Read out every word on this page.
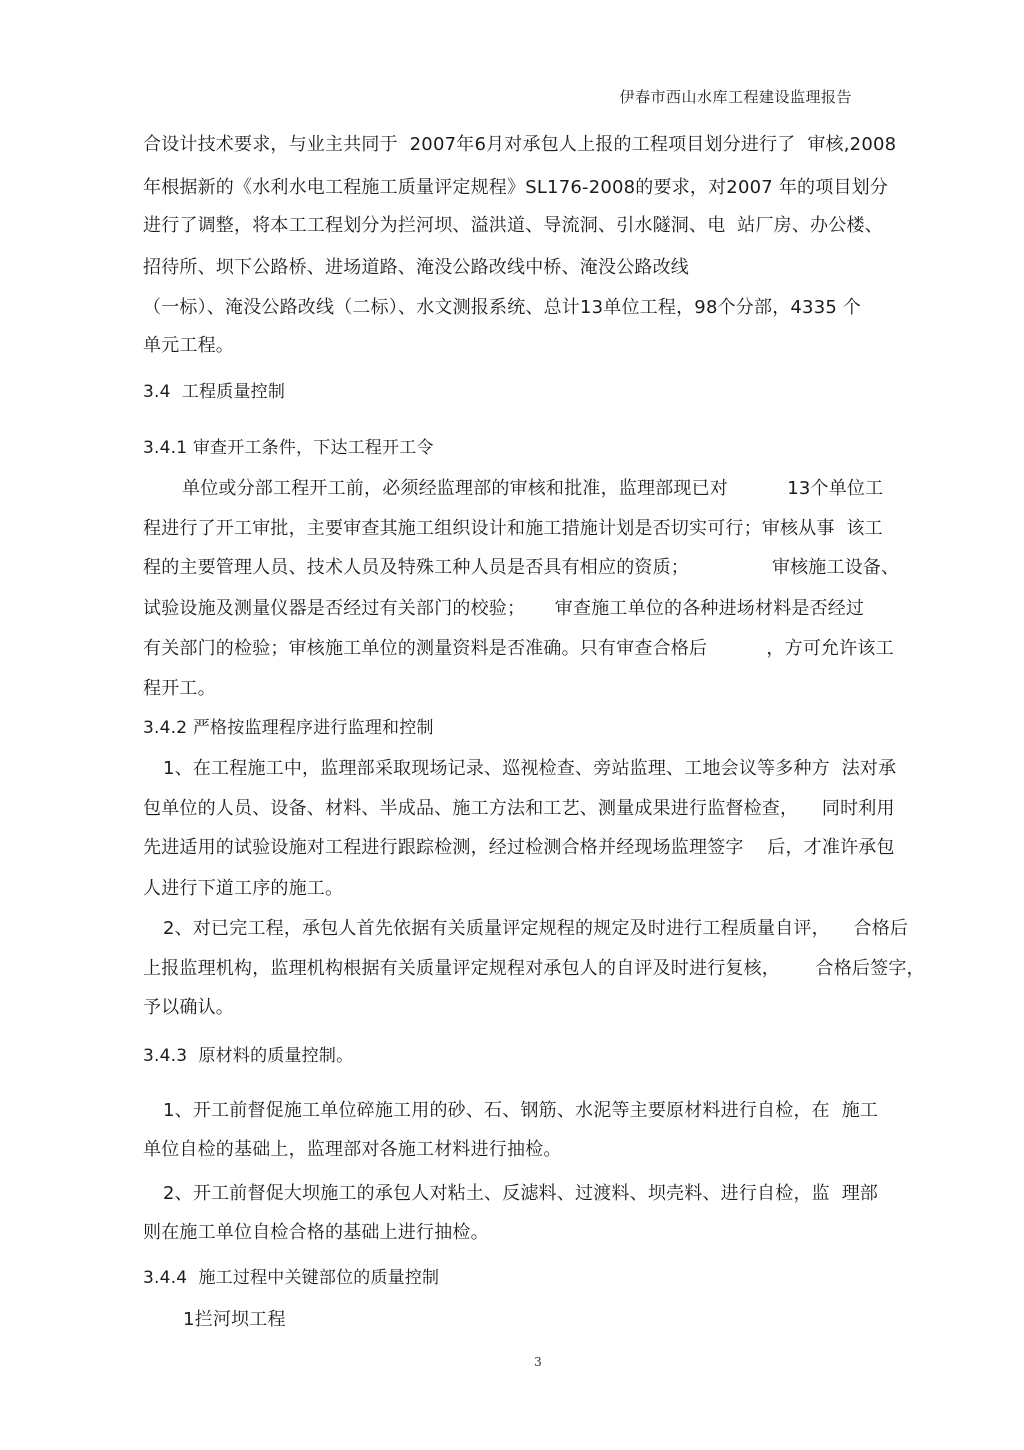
伊春市西山水库工程建设监理报告
合设计技术要求，与业主共同于  2007年6月对承包人上报的工程项目划分进行了  审核,2008
年根据新的《水利水电工程施工质量评定规程》SL176-2008的要求，对2007 年的项目划分
进行了调整，将本工工程划分为拦河坝、溢洪道、导流洞、引水隧洞、电  站厂房、办公楼、
招待所、坝下公路桥、进场道路、淹没公路改线中桥、淹没公路改线
（一标）、淹没公路改线（二标）、水文测报系统、总计13单位工程，98个分部，4335 个
单元工程。
3.4  工程质量控制
3.4.1 审查开工条件，下达工程开工令
单位或分部工程开工前，必须经监理部的审核和批准，监理部现已对          13个单位工
程进行了开工审批，主要审查其施工组织设计和施工措施计划是否切实可行；审核从事  该工
程的主要管理人员、技术人员及特殊工种人员是否具有相应的资质；              审核施工设备、
试验设施及测量仪器是否经过有关部门的校验；     审查施工单位的各种进场材料是否经过
有关部门的检验；审核施工单位的测量资料是否准确。只有审查合格后          ，方可允许该工
程开工。
3.4.2 严格按监理程序进行监理和控制
1、在工程施工中，监理部采取现场记录、巡视检查、旁站监理、工地会议等多种方  法对承
包单位的人员、设备、材料、半成品、施工方法和工艺、测量成果进行监督检查，    同时利用
先进适用的试验设施对工程进行跟踪检测，经过检测合格并经现场监理签字    后，才准许承包
人进行下道工序的施工。
2、对已完工程，承包人首先依据有关质量评定规程的规定及时进行工程质量自评，    合格后
上报监理机构，监理机构根据有关质量评定规程对承包人的自评及时进行复核，      合格后签字，
予以确认。
3.4.3  原材料的质量控制。
1、开工前督促施工单位碎施工用的砂、石、钢筋、水泥等主要原材料进行自检，在  施工
单位自检的基础上，监理部对各施工材料进行抽检。
2、开工前督促大坝施工的承包人对粘土、反滤料、过渡料、坝壳料、进行自检，监  理部
则在施工单位自检合格的基础上进行抽检。
3.4.4  施工过程中关键部位的质量控制
1拦河坝工程
3
